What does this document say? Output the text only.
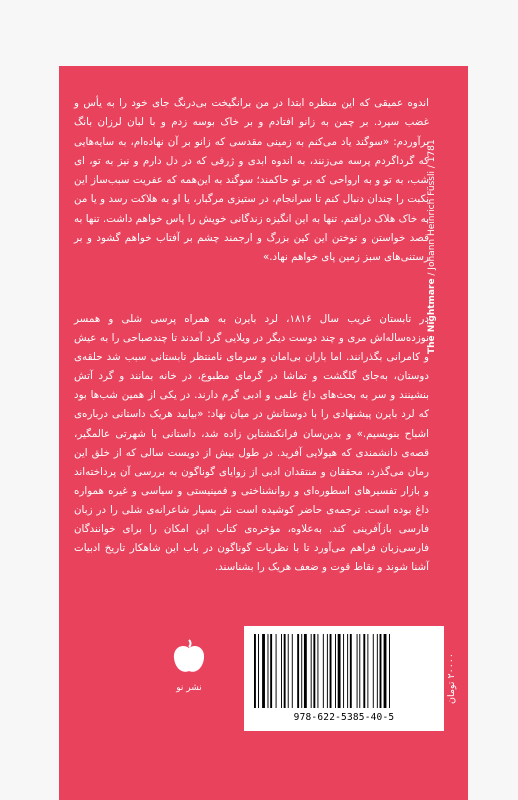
اندوه عمیقی که این منظره ابتدا در من برانگیخت بی‌درنگ جای خود را به یأس و غضب سپرد. بر چمن به زانو افتادم و بر خاک بوسه زدم و با لبان لرزان بانگ برآوردم: «سوگند یاد می‌کنم به زمینی مقدسی که زانو بر آن نهاده‌ام، به سایه‌هایی که گرداگردم پرسه می‌زنند، به اندوه ابدی و ژرفی که در دل دارم و نیز به تو، ای شب، به تو و به ارواحی که بر تو حاکمند؛ سوگند به این‌همه که عفریت سبب‌ساز این نکبت را چندان دنبال کنم تا سرانجام، در ستیزی مرگبار، یا او به هلاکت رسد و یا من به خاک هلاک درافتم. تنها به این انگیزه زندگانی خویش را پاس خواهم داشت. تنها به قصد خواستن و توختن این کین بزرگ و ارجمند چشم بر آفتاب خواهم گشود و بر رستنی‌های سبز زمین پای خواهم نهاد.»

The Nightmare / Johann Heinrich Füssli / 1781

در تابستان غریب سال ۱۸۱۶، لرد بایرن به همراه پرسی شلی و همسر نوزده‌ساله‌اش مری و چند دوست دیگر در ویلایی گرد آمدند تا چندصباحی را به عیش و کامرانی بگذرانند. اما باران بی‌امان و سرمای نامنتظر تابستانی سبب شد حلقه‌ی دوستان، به‌جای گلگشت و تماشا در گرمای مطبوع، در خانه بمانند و گرد آتش بنشینند و سر به بحث‌های داغ علمی و ادبی گرم دارند. در یکی از همین شب‌ها بود که لرد بایرن پیشنهادی را با دوستانش در میان نهاد: «بیایید هریک داستانی درباره‌ی اشباح بنویسیم.» و بدین‌سان فرانکنشتاین زاده شد، داستانی با شهرتی عالمگیر، قصه‌ی دانشمندی که هیولایی آفرید. در طول بیش از دویست سالی که از خلق این رمان می‌گذرد، محققان و منتقدان ادبی از زوایای گوناگون به بررسی آن پرداخته‌اند و بازار تفسیرهای اسطوره‌ای و روانشناختی و فمینیستی و سیاسی و غیره همواره داغ بوده است. ترجمه‌ی حاضر کوشیده است نثر بسیار شاعرانه‌ی شلی را در زبان فارسی بازآفرینی کند. به‌علاوه، مؤخره‌ی کتاب این امکان را برای خوانندگان فارسی‌زبان فراهم می‌آورد تا با نظریات گوناگون در باب این شاهکار تاریخ ادبیات آشنا شوند و نقاط قوت و ضعف هریک را بشناسند.

نشر نو
978-622-5385-40-5
۲۰۰۰۰ تومان
